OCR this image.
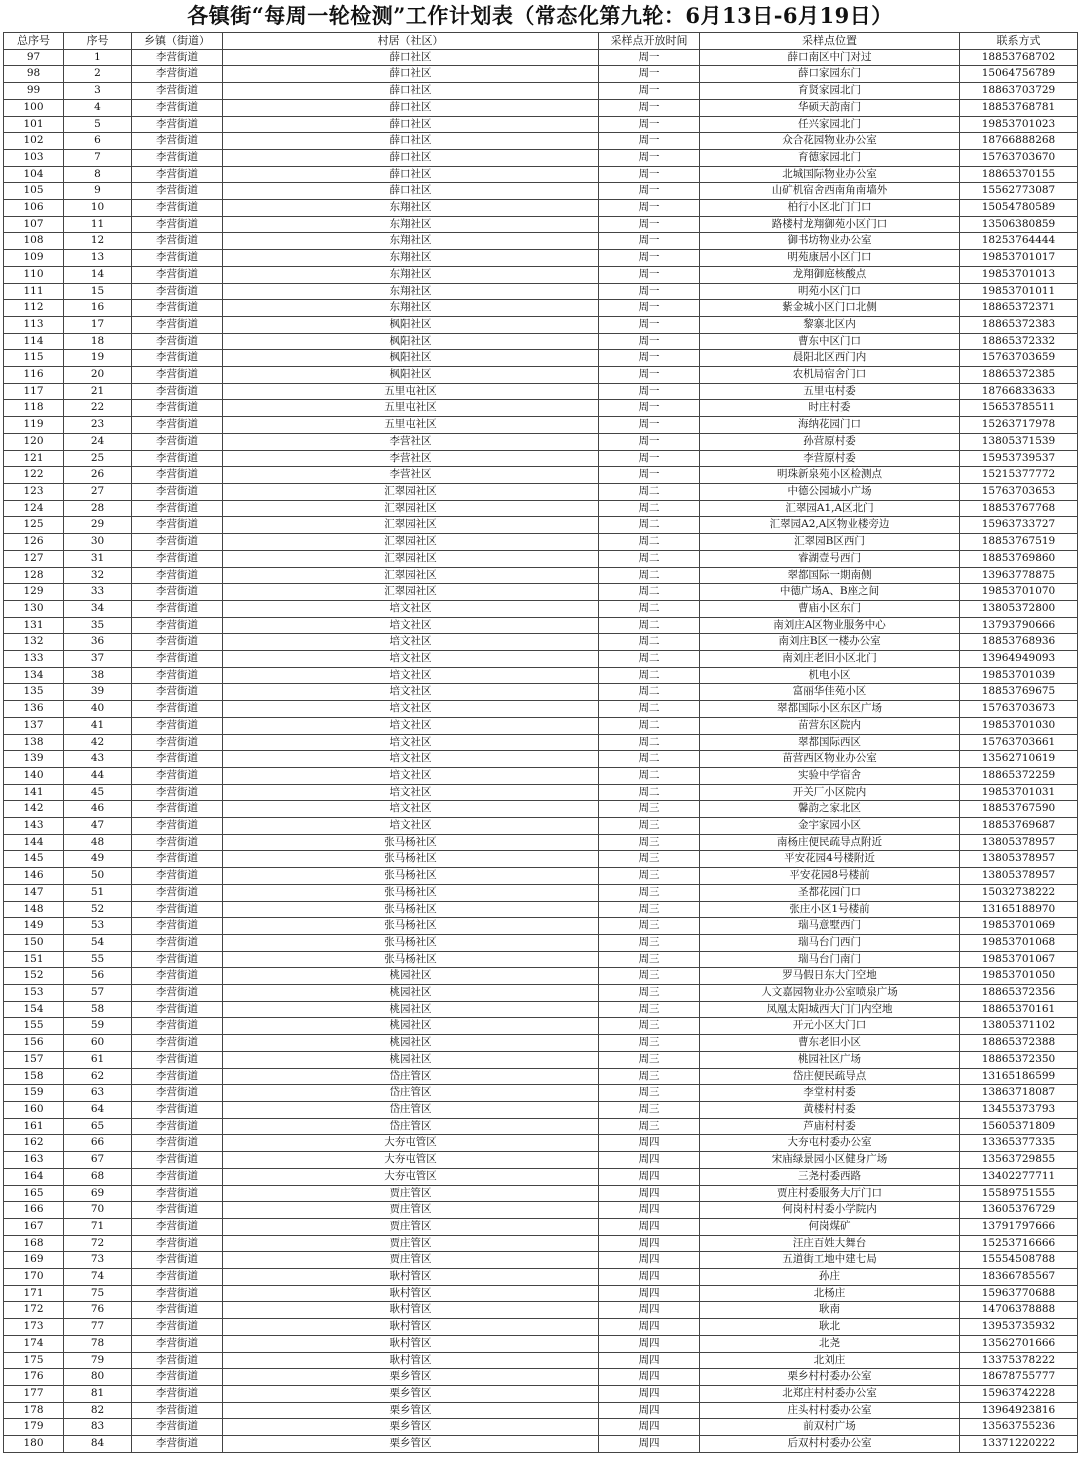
各镇街“每周一轮检测”工作计划表（常态化第九轮：6月13日-6月19日）
总序号	序号	乡镇（街道）	村居（社区）	采样点开放时间	采样点位置	联系方式
97	1	李营街道	薛口社区	周一	薛口南区中门对过	18853768702
98	2	李营街道	薛口社区	周一	薛口家园东门	15064756789
99	3	李营街道	薛口社区	周一	育贤家园北门	18863703729
100	4	李营街道	薛口社区	周一	华硕天韵南门	18853768781
101	5	李营街道	薛口社区	周一	任兴家园北门	19853701023
102	6	李营街道	薛口社区	周一	众合花园物业办公室	18766888268
103	7	李营街道	薛口社区	周一	育德家园北门	15763703670
104	8	李营街道	薛口社区	周一	北城国际物业办公室	18865370155
105	9	李营街道	薛口社区	周一	山矿机宿舍西南角南墙外	15562773087
106	10	李营街道	东翔社区	周一	柏行小区北门门口	15054780589
107	11	李营街道	东翔社区	周一	路楼村龙翔御苑小区门口	13506380859
108	12	李营街道	东翔社区	周一	御书坊物业办公室	18253764444
109	13	李营街道	东翔社区	周一	明苑康居小区门口	19853701017
110	14	李营街道	东翔社区	周一	龙翔御庭核酸点	19853701013
111	15	李营街道	东翔社区	周一	明苑小区门口	19853701011
112	16	李营街道	东翔社区	周一	紫金城小区门口北侧	18865372371
113	17	李营街道	枫阳社区	周一	黎寨北区内	18865372383
114	18	李营街道	枫阳社区	周一	曹东中区门口	18865372332
115	19	李营街道	枫阳社区	周一	晨阳北区西门内	15763703659
116	20	李营街道	枫阳社区	周一	农机局宿舍门口	18865372385
117	21	李营街道	五里屯社区	周一	五里屯村委	18766833633
118	22	李营街道	五里屯社区	周一	时庄村委	15653785511
119	23	李营街道	五里屯社区	周一	海纳花园门口	15263717978
120	24	李营街道	李营社区	周一	孙营原村委	13805371539
121	25	李营街道	李营社区	周一	李营原村委	15953739537
122	26	李营街道	李营社区	周一	明珠新泉苑小区检测点	15215377772
123	27	李营街道	汇翠园社区	周二	中德公园城小广场	15763703653
124	28	李营街道	汇翠园社区	周二	汇翠园A1,A区北门	18853767768
125	29	李营街道	汇翠园社区	周二	汇翠园A2,A区物业楼旁边	15963733727
126	30	李营街道	汇翠园社区	周二	汇翠园B区西门	18853767519
127	31	李营街道	汇翠园社区	周二	睿湖壹号西门	18853769860
128	32	李营街道	汇翠园社区	周二	翠都国际一期南侧	13963778875
129	33	李营街道	汇翠园社区	周二	中德广场A、B座之间	19853701070
130	34	李营街道	培文社区	周二	曹庙小区东门	13805372800
131	35	李营街道	培文社区	周二	南刘庄A区物业服务中心	13793790666
132	36	李营街道	培文社区	周二	南刘庄B区一楼办公室	18853768936
133	37	李营街道	培文社区	周二	南刘庄老旧小区北门	13964949093
134	38	李营街道	培文社区	周二	机电小区	19853701039
135	39	李营街道	培文社区	周二	富丽华佳苑小区	18853769675
136	40	李营街道	培文社区	周二	翠都国际小区东区广场	15763703673
137	41	李营街道	培文社区	周二	苗营东区院内	19853701030
138	42	李营街道	培文社区	周二	翠都国际西区	15763703661
139	43	李营街道	培文社区	周二	苗营西区物业办公室	13562710619
140	44	李营街道	培文社区	周二	实验中学宿舍	18865372259
141	45	李营街道	培文社区	周二	开关厂小区院内	19853701031
142	46	李营街道	培文社区	周三	馨韵之家北区	18853767590
143	47	李营街道	培文社区	周三	金宇家园小区	18853769687
144	48	李营街道	张马杨社区	周三	南杨庄便民疏导点附近	13805378957
145	49	李营街道	张马杨社区	周三	平安花园4号楼附近	13805378957
146	50	李营街道	张马杨社区	周三	平安花园8号楼前	13805378957
147	51	李营街道	张马杨社区	周三	圣都花园门口	15032738222
148	52	李营街道	张马杨社区	周三	张庄小区1号楼前	13165188970
149	53	李营街道	张马杨社区	周三	瑞马意墅西门	19853701069
150	54	李营街道	张马杨社区	周三	瑞马台门西门	19853701068
151	55	李营街道	张马杨社区	周三	瑞马台门南门	19853701067
152	56	李营街道	桃园社区	周三	罗马假日东大门空地	19853701050
153	57	李营街道	桃园社区	周三	人文嘉园物业办公室喷泉广场	18865372356
154	58	李营街道	桃园社区	周三	凤凰太阳城西大门门内空地	18865370161
155	59	李营街道	桃园社区	周三	开元小区大门口	13805371102
156	60	李营街道	桃园社区	周三	曹东老旧小区	18865372388
157	61	李营街道	桃园社区	周三	桃园社区广场	18865372350
158	62	李营街道	岱庄管区	周三	岱庄便民疏导点	13165186599
159	63	李营街道	岱庄管区	周三	李堂村村委	13863718087
160	64	李营街道	岱庄管区	周三	黄楼村村委	13455373793
161	65	李营街道	岱庄管区	周三	芦庙村村委	15605371809
162	66	李营街道	大夯屯管区	周四	大夯屯村委办公室	13365377335
163	67	李营街道	大夯屯管区	周四	宋庙绿景园小区健身广场	13563729855
164	68	李营街道	大夯屯管区	周四	三尧村委西路	13402277711
165	69	李营街道	贾庄管区	周四	贾庄村委服务大厅门口	15589751555
166	70	李营街道	贾庄管区	周四	何岗村村委小学院内	13605376729
167	71	李营街道	贾庄管区	周四	何岗煤矿	13791797666
168	72	李营街道	贾庄管区	周四	汪庄百姓大舞台	15253716666
169	73	李营街道	贾庄管区	周四	五道街工地中建七局	15554508788
170	74	李营街道	耿村管区	周四	孙庄	18366785567
171	75	李营街道	耿村管区	周四	北杨庄	15963770688
172	76	李营街道	耿村管区	周四	耿南	14706378888
173	77	李营街道	耿村管区	周四	耿北	13953735932
174	78	李营街道	耿村管区	周四	北尧	13562701666
175	79	李营街道	耿村管区	周四	北刘庄	13375378222
176	80	李营街道	栗乡管区	周四	栗乡村村委办公室	18678755777
177	81	李营街道	栗乡管区	周四	北郑庄村村委办公室	15963742228
178	82	李营街道	栗乡管区	周四	庄头村村委办公室	13964923816
179	83	李营街道	栗乡管区	周四	前双村广场	13563755236
180	84	李营街道	栗乡管区	周四	后双村村委办公室	13371220222
